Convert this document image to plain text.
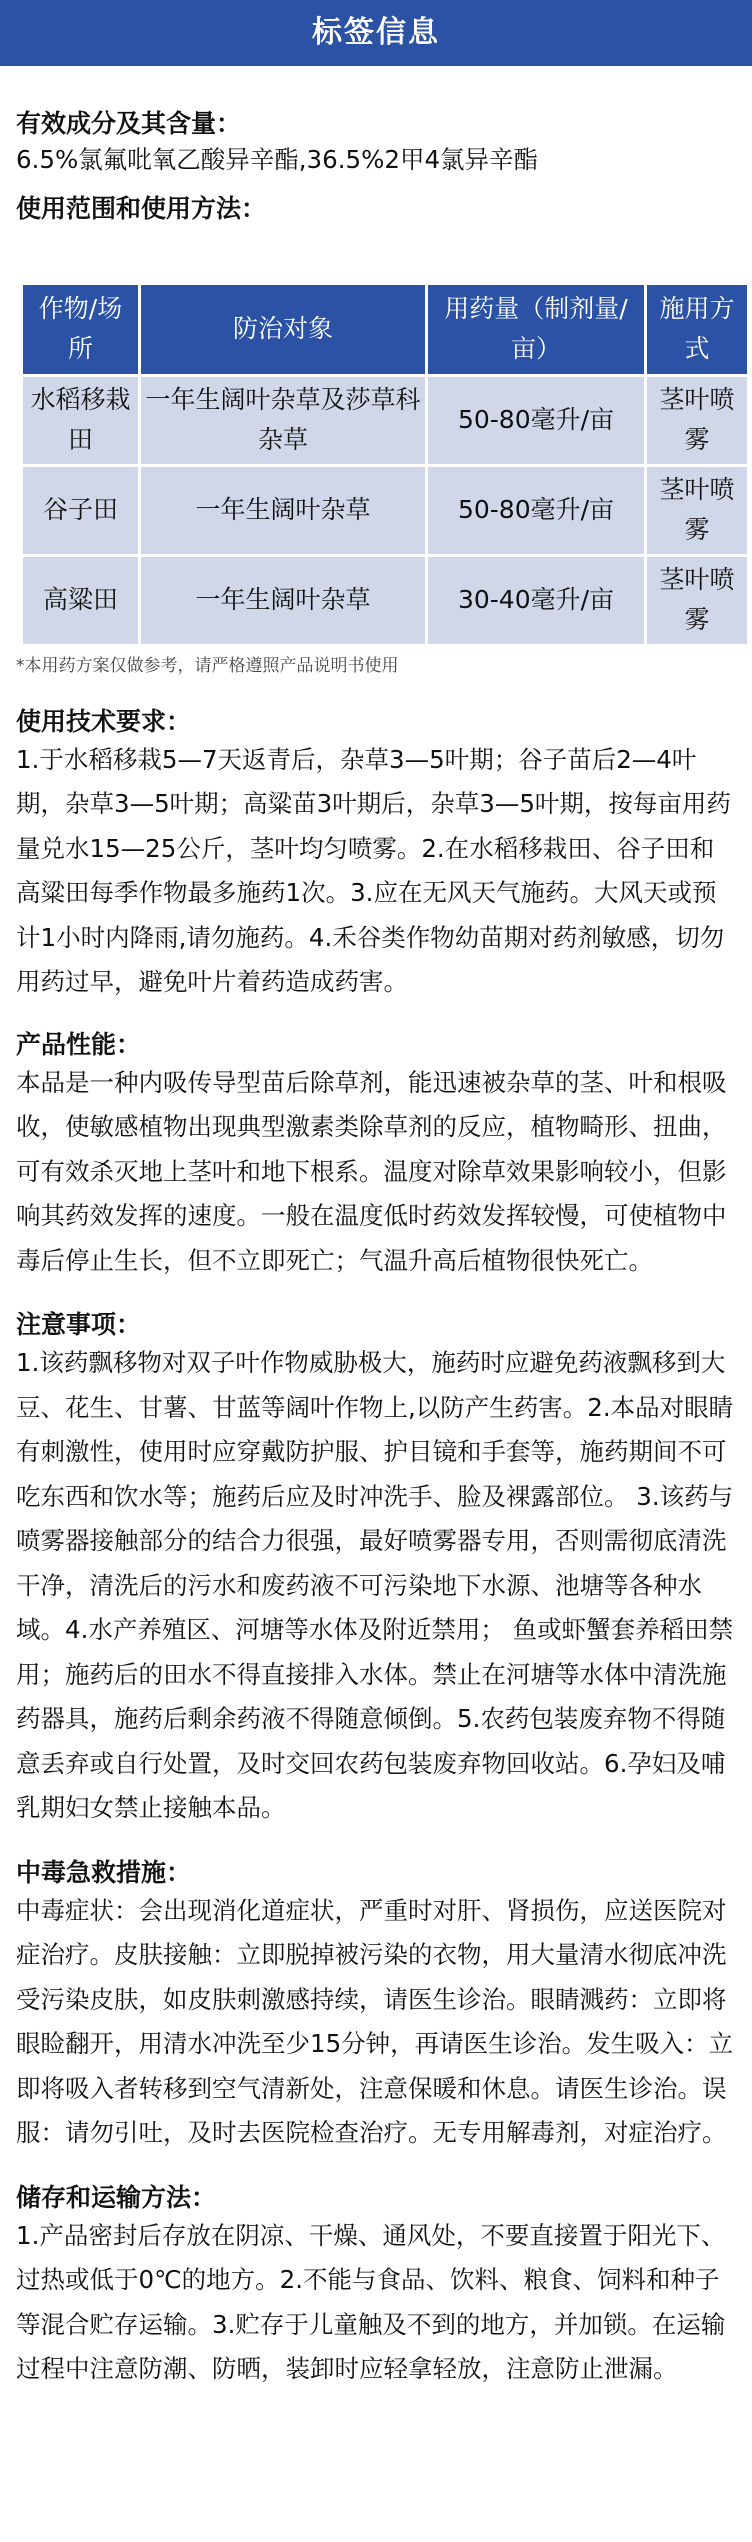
标签信息
有效成分及其含量：

6.5%氯氟吡氧乙酸异辛酯,36.5%2甲4氯异辛酯

使用范围和使用方法：
作物/场所	防治对象	用药量（制剂量/亩）	施用方式
水稻移栽田	一年生阔叶杂草及莎草科杂草	50-80毫升/亩	茎叶喷雾
谷子田	一年生阔叶杂草	50-80毫升/亩	茎叶喷雾
高粱田	一年生阔叶杂草	30-40毫升/亩	茎叶喷雾

*本用药方案仅做参考，请严格遵照产品说明书使用

使用技术要求：

1.于水稻移栽5—7天返青后，杂草3—5叶期；谷子苗后2—4叶期，杂草3—5叶期；高粱苗3叶期后，杂草3—5叶期，按每亩用药量兑水15—25公斤，茎叶均匀喷雾。2.在水稻移栽田、谷子田和高粱田每季作物最多施药1次。3.应在无风天气施药。大风天或预计1小时内降雨,请勿施药。4.禾谷类作物幼苗期对药剂敏感，切勿用药过早，避免叶片着药造成药害。

产品性能：

本品是一种内吸传导型苗后除草剂，能迅速被杂草的茎、叶和根吸收，使敏感植物出现典型激素类除草剂的反应，植物畸形、扭曲，可有效杀灭地上茎叶和地下根系。温度对除草效果影响较小，但影响其药效发挥的速度。一般在温度低时药效发挥较慢，可使植物中毒后停止生长，但不立即死亡；气温升高后植物很快死亡。

注意事项：

1.该药飘移物对双子叶作物威胁极大，施药时应避免药液飘移到大豆、花生、甘薯、甘蓝等阔叶作物上,以防产生药害。2.本品对眼睛有刺激性，使用时应穿戴防护服、护目镜和手套等，施药期间不可吃东西和饮水等；施药后应及时冲洗手、脸及裸露部位。 3.该药与喷雾器接触部分的结合力很强，最好喷雾器专用，否则需彻底清洗干净，清洗后的污水和废药液不可污染地下水源、池塘等各种水域。4.水产养殖区、河塘等水体及附近禁用； 鱼或虾蟹套养稻田禁用；施药后的田水不得直接排入水体。禁止在河塘等水体中清洗施药器具，施药后剩余药液不得随意倾倒。5.农药包装废弃物不得随意丢弃或自行处置，及时交回农药包装废弃物回收站。6.孕妇及哺乳期妇女禁止接触本品。

中毒急救措施：

中毒症状：会出现消化道症状，严重时对肝、肾损伤，应送医院对症治疗。皮肤接触：立即脱掉被污染的衣物，用大量清水彻底冲洗受污染皮肤，如皮肤刺激感持续，请医生诊治。眼睛溅药：立即将眼睑翻开，用清水冲洗至少15分钟，再请医生诊治。发生吸入：立即将吸入者转移到空气清新处，注意保暖和休息。请医生诊治。误服：请勿引吐，及时去医院检查治疗。无专用解毒剂，对症治疗。

储存和运输方法：

1.产品密封后存放在阴凉、干燥、通风处，不要直接置于阳光下、过热或低于0℃的地方。2.不能与食品、饮料、粮食、饲料和种子等混合贮存运输。3.贮存于儿童触及不到的地方，并加锁。在运输过程中注意防潮、防晒，装卸时应轻拿轻放，注意防止泄漏。
